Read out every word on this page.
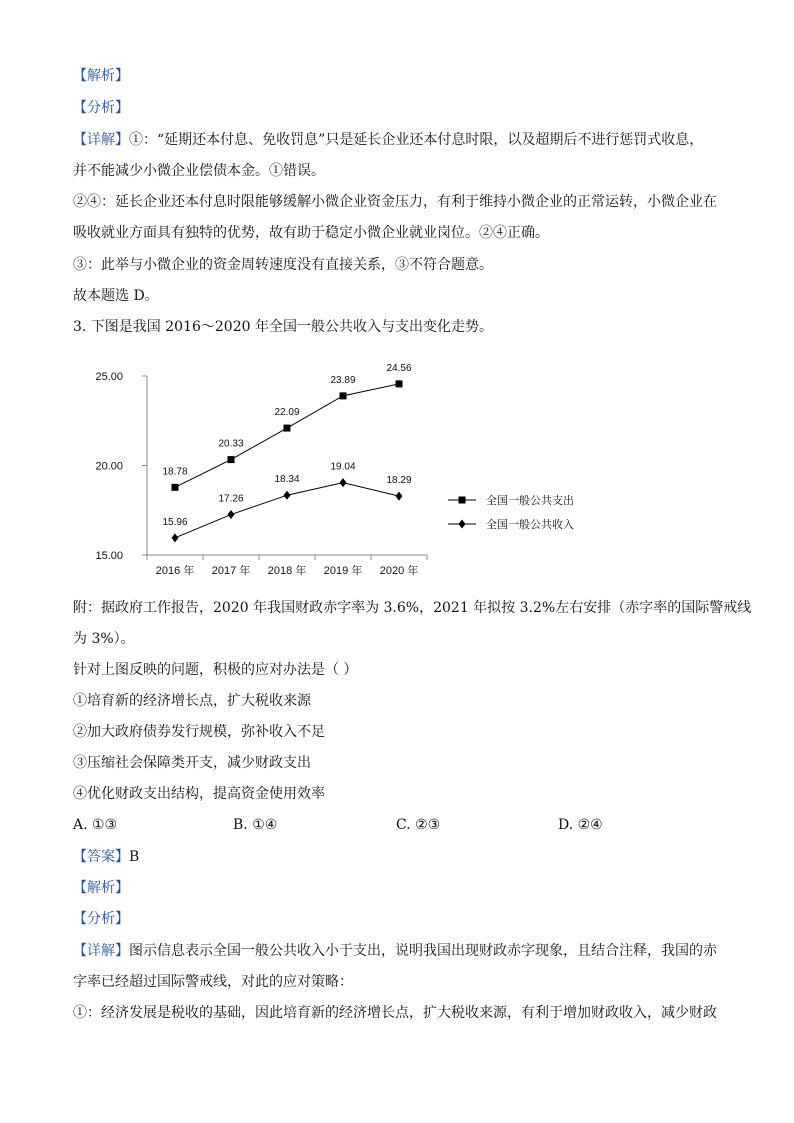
【解析】
【分析】
【详解】①：“延期还本付息、免收罚息”只是延长企业还本付息时限，以及超期后不进行惩罚式收息，
并不能减少小微企业偿债本金。①错误。
②④：延长企业还本付息时限能够缓解小微企业资金压力，有利于维持小微企业的正常运转，小微企业在
吸收就业方面具有独特的优势，故有助于稳定小微企业就业岗位。②④正确。
③：此举与小微企业的资金周转速度没有直接关系，③不符合题意。
故本题选 D。
3. 下图是我国 2016～2020 年全国一般公共收入与支出变化走势。
25.00
20.00
15.00
2016 年 2017 年 2018 年 2019 年 2020 年
18.78
20.33
22.09
23.89
24.56
15.96
17.26
18.34
19.04
18.29
全国一般公共支出
全国一般公共收入
附：据政府工作报告，2020 年我国财政赤字率为 3.6%，2021 年拟按 3.2%左右安排（赤字率的国际警戒线
为 3%）。
针对上图反映的问题，积极的应对办法是（ ）
①培育新的经济增长点，扩大税收来源
②加大政府债券发行规模，弥补收入不足
③压缩社会保障类开支，减少财政支出
④优化财政支出结构，提高资金使用效率
A. ①③	B. ①④	C. ②③	D. ②④
【答案】B
【解析】
【分析】
【详解】图示信息表示全国一般公共收入小于支出，说明我国出现财政赤字现象，且结合注释，我国的赤
字率已经超过国际警戒线，对此的应对策略：
①：经济发展是税收的基础，因此培育新的经济增长点，扩大税收来源，有利于增加财政收入，减少财政
